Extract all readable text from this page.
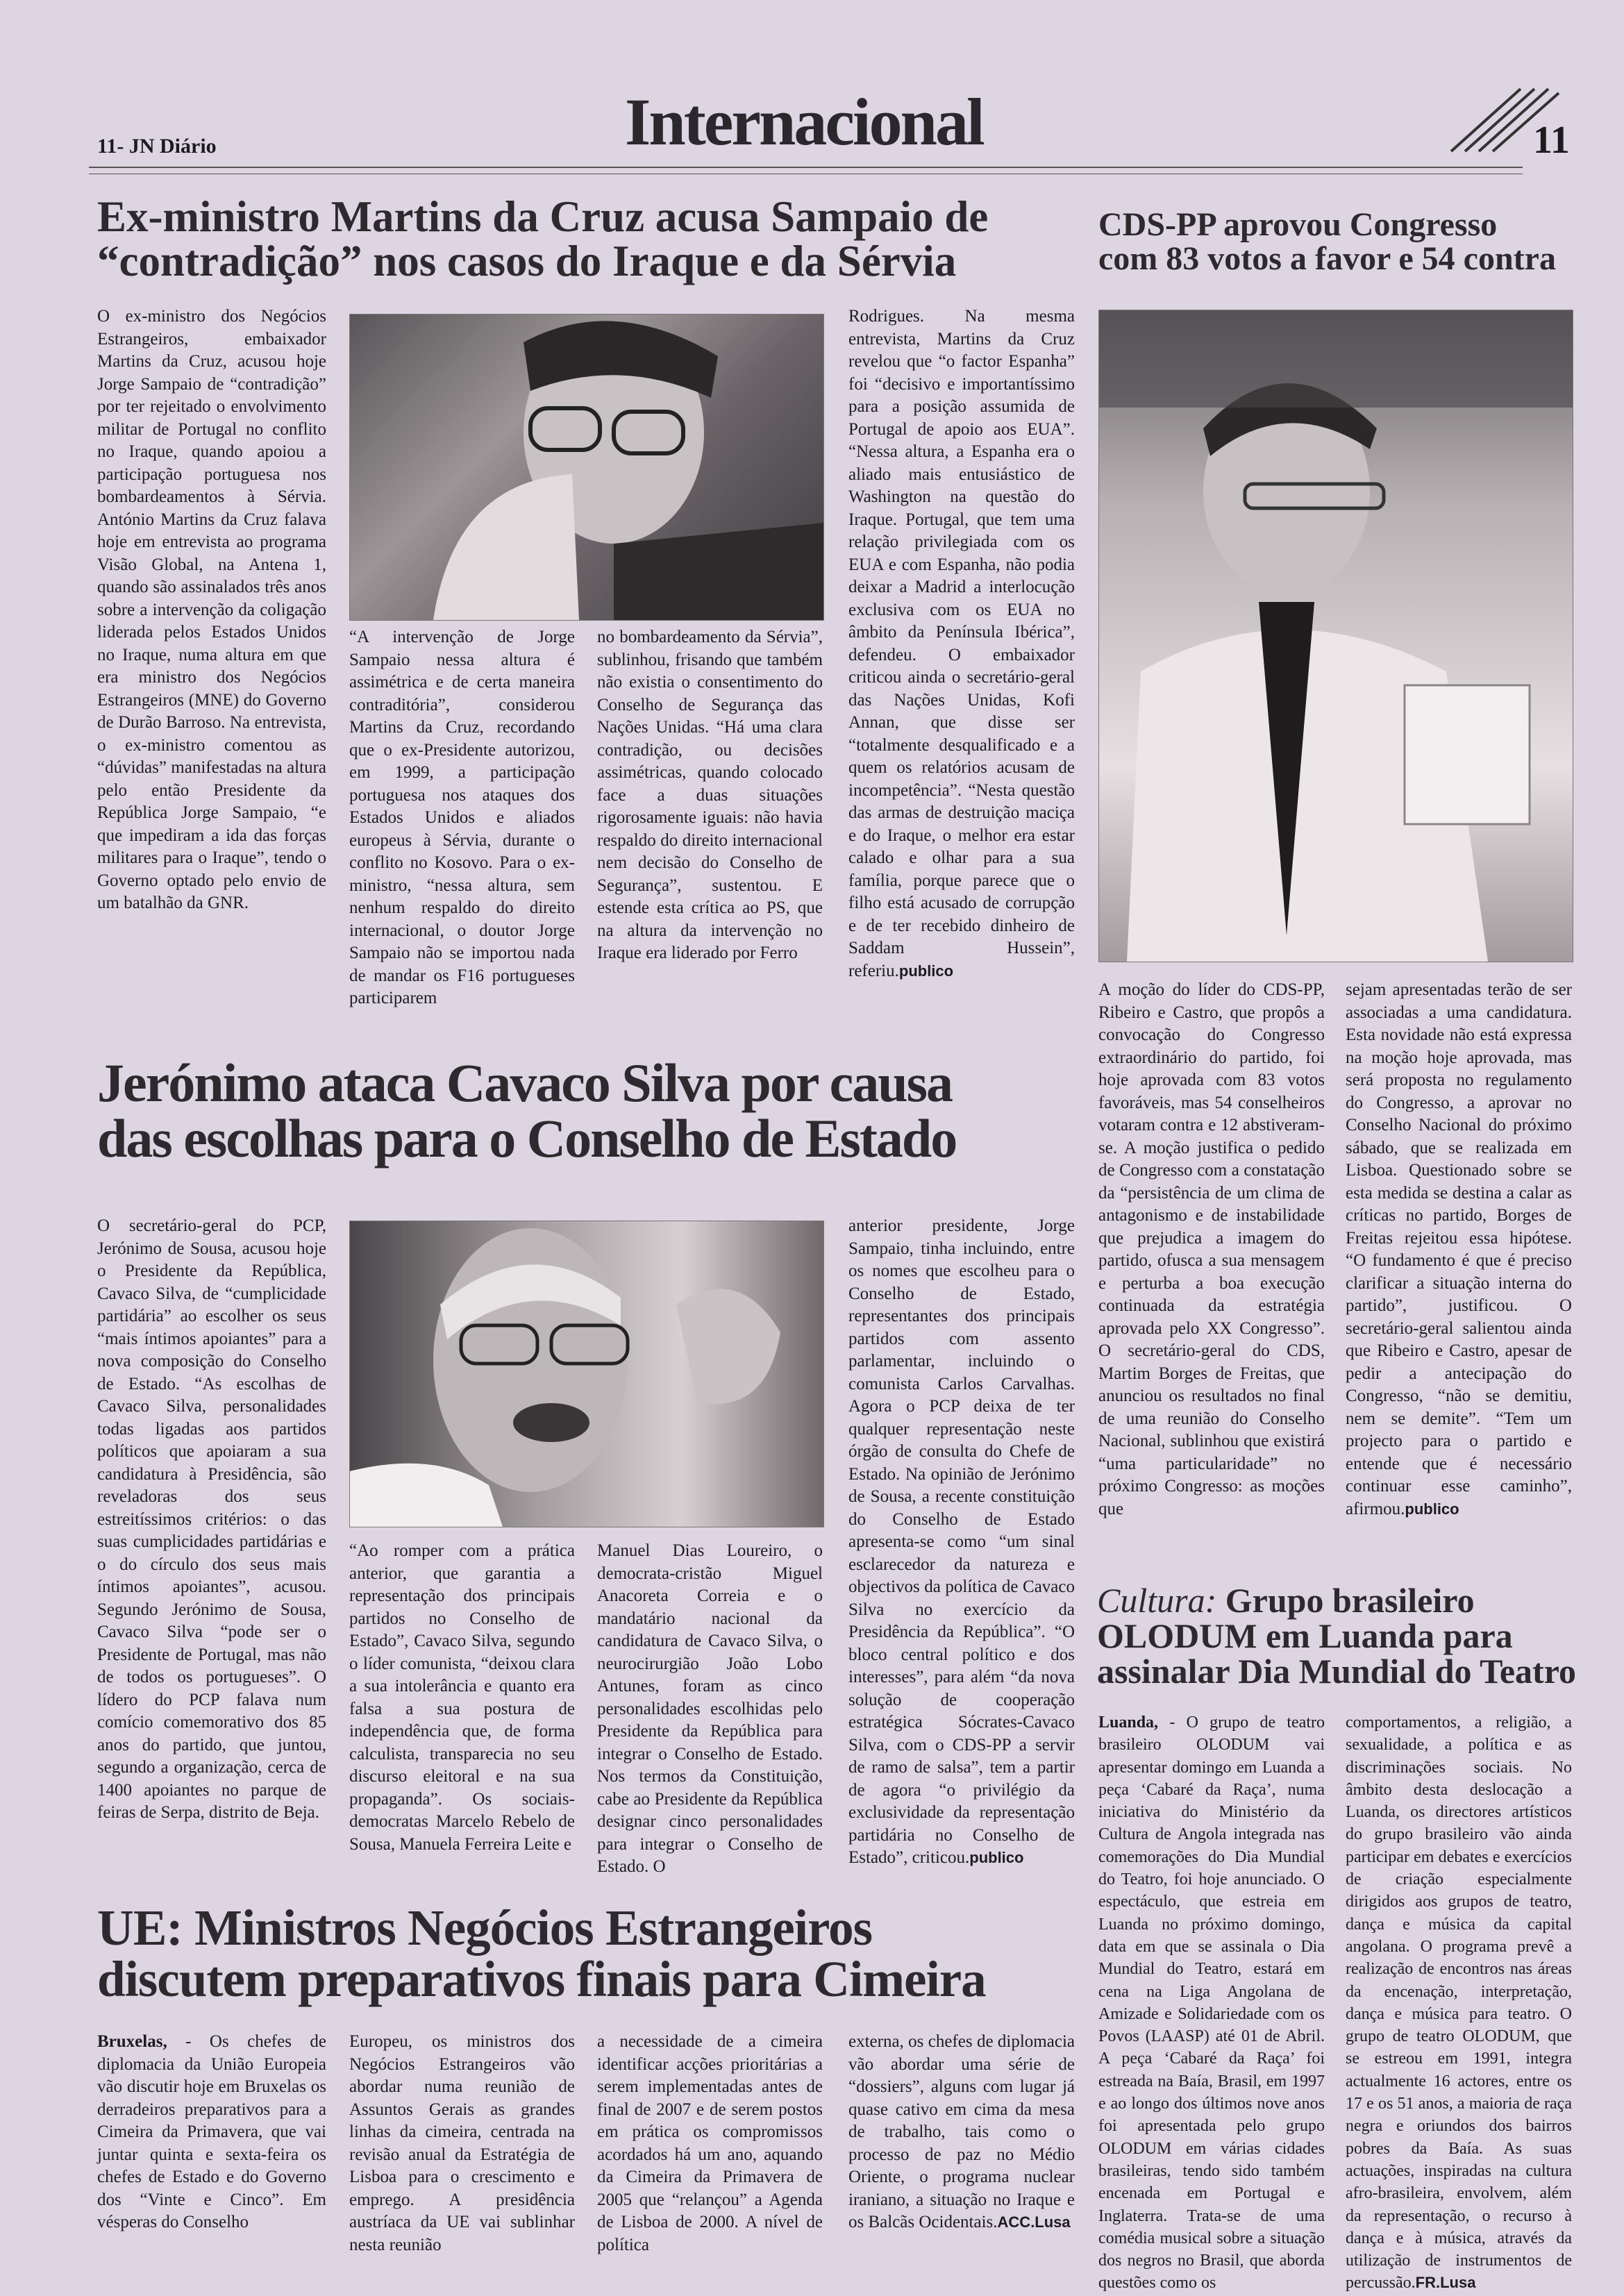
11- JN Diário	Internacional	11
Ex-ministro Martins da Cruz acusa Sampaio de
“contradição” nos casos do Iraque e da Sérvia

O ex-ministro dos Negócios Estrangeiros, embaixador Martins da Cruz, acusou hoje Jorge Sampaio de “contradição” por ter rejeitado o envolvimento militar de Portugal no conflito no Iraque, quando apoiou a participação portuguesa nos bombardeamentos à Sérvia. António Martins da Cruz falava hoje em entrevista ao programa Visão Global, na Antena 1, quando são assinalados três anos sobre a intervenção da coligação liderada pelos Estados Unidos no Iraque, numa altura em que era ministro dos Negócios Estrangeiros (MNE) do Governo de Durão Barroso. Na entrevista, o ex-ministro comentou as “dúvidas” manifestadas na altura pelo então Presidente da República Jorge Sampaio, “e que impediram a ida das forças militares para o Iraque”, tendo o Governo optado pelo envio de um batalhão da GNR.

“A intervenção de Jorge Sampaio nessa altura é assimétrica e de certa maneira contraditória”, considerou Martins da Cruz, recordando que o ex-Presidente autorizou, em 1999, a participação portuguesa nos ataques dos Estados Unidos e aliados europeus à Sérvia, durante o conflito no Kosovo. Para o ex-ministro, “nessa altura, sem nenhum respaldo do direito internacional, o doutor Jorge Sampaio não se importou nada de mandar os F16 portugueses participarem

no bombardeamento da Sérvia”, sublinhou, frisando que também não existia o consentimento do Conselho de Segurança das Nações Unidas. “Há uma clara contradição, ou decisões assimétricas, quando colocado face a duas situações rigorosamente iguais: não havia respaldo do direito internacional nem decisão do Conselho de Segurança”, sustentou. E estende esta crítica ao PS, que na altura da intervenção no Iraque era liderado por Ferro

Rodrigues. Na mesma entrevista, Martins da Cruz revelou que “o factor Espanha” foi “decisivo e importantíssimo para a posição assumida de Portugal de apoio aos EUA”. “Nessa altura, a Espanha era o aliado mais entusiástico de Washington na questão do Iraque. Portugal, que tem uma relação privilegiada com os EUA e com Espanha, não podia deixar a Madrid a interlocução exclusiva com os EUA no âmbito da Península Ibérica”, defendeu. O embaixador criticou ainda o secretário-geral das Nações Unidas, Kofi Annan, que disse ser “totalmente desqualificado e a quem os relatórios acusam de incompetência”. “Nesta questão das armas de destruição maciça e do Iraque, o melhor era estar calado e olhar para a sua família, porque parece que o filho está acusado de corrupção e de ter recebido dinheiro de Saddam Hussein”, referiu.publico

CDS-PP aprovou Congresso
com 83 votos a favor e 54 contra

A moção do líder do CDS-PP, Ribeiro e Castro, que propôs a convocação do Congresso extraordinário do partido, foi hoje aprovada com 83 votos favoráveis, mas 54 conselheiros votaram contra e 12 abstiveram-se. A moção justifica o pedido de Congresso com a constatação da “persistência de um clima de antagonismo e de instabilidade que prejudica a imagem do partido, ofusca a sua mensagem e perturba a boa execução continuada da estratégia aprovada pelo XX Congresso”. O secretário-geral do CDS, Martim Borges de Freitas, que anunciou os resultados no final de uma reunião do Conselho Nacional, sublinhou que existirá “uma particularidade” no próximo Congresso: as moções que

sejam apresentadas terão de ser associadas a uma candidatura. Esta novidade não está expressa na moção hoje aprovada, mas será proposta no regulamento do Congresso, a aprovar no Conselho Nacional do próximo sábado, que se realizada em Lisboa. Questionado sobre se esta medida se destina a calar as críticas no partido, Borges de Freitas rejeitou essa hipótese. “O fundamento é que é preciso clarificar a situação interna do partido”, justificou. O secretário-geral salientou ainda que Ribeiro e Castro, apesar de pedir a antecipação do Congresso, “não se demitiu, nem se demite”. “Tem um projecto para o partido e entende que é necessário continuar esse caminho”, afirmou.publico

Jerónimo ataca Cavaco Silva por causa
das escolhas para o Conselho de Estado

O secretário-geral do PCP, Jerónimo de Sousa, acusou hoje o Presidente da República, Cavaco Silva, de “cumplicidade partidária” ao escolher os seus “mais íntimos apoiantes” para a nova composição do Conselho de Estado. “As escolhas de Cavaco Silva, personalidades todas ligadas aos partidos políticos que apoiaram a sua candidatura à Presidência, são reveladoras dos seus estreitíssimos critérios: o das suas cumplicidades partidárias e o do círculo dos seus mais íntimos apoiantes”, acusou. Segundo Jerónimo de Sousa, Cavaco Silva “pode ser o Presidente de Portugal, mas não de todos os portugueses”. O lídero do PCP falava num comício comemorativo dos 85 anos do partido, que juntou, segundo a organização, cerca de 1400 apoiantes no parque de feiras de Serpa, distrito de Beja.

“Ao romper com a prática anterior, que garantia a representação dos principais partidos no Conselho de Estado”, Cavaco Silva, segundo o líder comunista, “deixou clara a sua intolerância e quanto era falsa a sua postura de independência que, de forma calculista, transparecia no seu discurso eleitoral e na sua propaganda”. Os sociais-democratas Marcelo Rebelo de Sousa, Manuela Ferreira Leite e

Manuel Dias Loureiro, o democrata-cristão Miguel Anacoreta Correia e o mandatário nacional da candidatura de Cavaco Silva, o neurocirurgião João Lobo Antunes, foram as cinco personalidades escolhidas pelo Presidente da República para integrar o Conselho de Estado. Nos termos da Constituição, cabe ao Presidente da República designar cinco personalidades para integrar o Conselho de Estado. O

anterior presidente, Jorge Sampaio, tinha incluindo, entre os nomes que escolheu para o Conselho de Estado, representantes dos principais partidos com assento parlamentar, incluindo o comunista Carlos Carvalhas. Agora o PCP deixa de ter qualquer representação neste órgão de consulta do Chefe de Estado. Na opinião de Jerónimo de Sousa, a recente constituição do Conselho de Estado apresenta-se como “um sinal esclarecedor da natureza e objectivos da política de Cavaco Silva no exercício da Presidência da República”. “O bloco central político e dos interesses”, para além “da nova solução de cooperação estratégica Sócrates-Cavaco Silva, com o CDS-PP a servir de ramo de salsa”, tem a partir de agora “o privilégio da exclusividade da representação partidária no Conselho de Estado”, criticou.publico

Cultura: Grupo brasileiro
OLODUM em Luanda para
assinalar Dia Mundial do Teatro

Luanda, - O grupo de teatro brasileiro OLODUM vai apresentar domingo em Luanda a peça ‘Cabaré da Raça’, numa iniciativa do Ministério da Cultura de Angola integrada nas comemorações do Dia Mundial do Teatro, foi hoje anunciado. O espectáculo, que estreia em Luanda no próximo domingo, data em que se assinala o Dia Mundial do Teatro, estará em cena na Liga Angolana de Amizade e Solidariedade com os Povos (LAASP) até 01 de Abril. A peça ‘Cabaré da Raça’ foi estreada na Baía, Brasil, em 1997 e ao longo dos últimos nove anos foi apresentada pelo grupo OLODUM em várias cidades brasileiras, tendo sido também encenada em Portugal e Inglaterra. Trata-se de uma comédia musical sobre a situação dos negros no Brasil, que aborda questões como os

comportamentos, a religião, a sexualidade, a política e as discriminações sociais. No âmbito desta deslocação a Luanda, os directores artísticos do grupo brasileiro vão ainda participar em debates e exercícios de criação especialmente dirigidos aos grupos de teatro, dança e música da capital angolana. O programa prevê a realização de encontros nas áreas da encenação, interpretação, dança e música para teatro. O grupo de teatro OLODUM, que se estreou em 1991, integra actualmente 16 actores, entre os 17 e os 51 anos, a maioria de raça negra e oriundos dos bairros pobres da Baía. As suas actuações, inspiradas na cultura afro-brasileira, envolvem, além da representação, o recurso à dança e à música, através da utilização de instrumentos de percussão.FR.Lusa

UE: Ministros Negócios Estrangeiros
discutem preparativos finais para Cimeira

Bruxelas, - Os chefes de diplomacia da União Europeia vão discutir hoje em Bruxelas os derradeiros preparativos para a Cimeira da Primavera, que vai juntar quinta e sexta-feira os chefes de Estado e do Governo dos “Vinte e Cinco”. Em vésperas do Conselho

Europeu, os ministros dos Negócios Estrangeiros vão abordar numa reunião de Assuntos Gerais as grandes linhas da cimeira, centrada na revisão anual da Estratégia de Lisboa para o crescimento e emprego. A presidência austríaca da UE vai sublinhar nesta reunião

a necessidade de a cimeira identificar acções prioritárias a serem implementadas antes de final de 2007 e de serem postos em prática os compromissos acordados há um ano, aquando da Cimeira da Primavera de 2005 que “relançou” a Agenda de Lisboa de 2000. A nível de política

externa, os chefes de diplomacia vão abordar uma série de “dossiers”, alguns com lugar já quase cativo em cima da mesa de trabalho, tais como o processo de paz no Médio Oriente, o programa nuclear iraniano, a situação no Iraque e os Balcãs Ocidentais.ACC.Lusa
